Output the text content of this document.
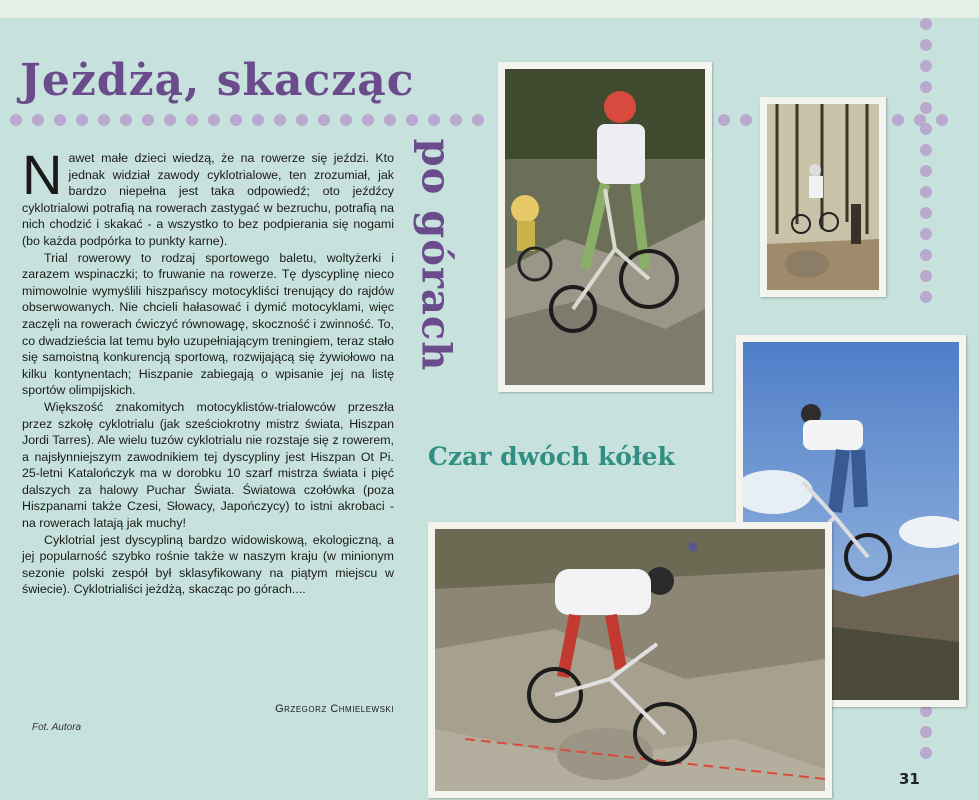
Jeżdżą, skacząc
po górach
Czar dwóch kółek

Nawet małe dzieci wiedzą, że na rowerze się jeździ. Kto jednak widział zawody cyklotrialowe, ten zrozumiał, jak bardzo niepełna jest taka odpowiedź; oto jeźdźcy cyklotrialowi potrafią na rowerach zastygać w bezruchu, potrafią na nich chodzić i skakać - a wszystko to bez podpierania się nogami (bo każda podpórka to punkty karne).

Trial rowerowy to rodzaj sportowego baletu, woltyżerki i zarazem wspinaczki; to fruwanie na rowerze. Tę dyscyplinę nieco mimowolnie wymyślili hiszpańscy motocykliści trenujący do rajdów obserwowanych. Nie chcieli hałasować i dymić motocyklami, więc zaczęli na rowerach ćwiczyć równowagę, skoczność i zwinność. To, co dwadzieścia lat temu było uzupełniającym treningiem, teraz stało się samoistną konkurencją sportową, rozwijającą się żywiołowo na kilku kontynentach; Hiszpanie zabiegają o wpisanie jej na listę sportów olimpijskich.

Większość znakomitych motocyklistów-trialowców przeszła przez szkołę cyklotrialu (jak sześciokrotny mistrz świata, Hiszpan Jordi Tarres). Ale wielu tuzów cyklotrialu nie rozstaje się z rowerem, a najsłynniejszym zawodnikiem tej dyscypliny jest Hiszpan Ot Pi. 25-letni Katalończyk ma w dorobku 10 szarf mistrza świata i pięć dalszych za halowy Puchar Świata. Światowa czołówka (poza Hiszpanami także Czesi, Słowacy, Japończycy) to istni akrobaci - na rowerach latają jak muchy!

Cyklotrial jest dyscypliną bardzo widowiskową, ekologiczną, a jej popularność szybko rośnie także w naszym kraju (w minionym sezonie polski zespół był sklasyfikowany na piątym miejscu w świecie). Cyklotrialiści jeżdżą, skacząc po górach....

Grzegorz Chmielewski
Fot. Autora
31
